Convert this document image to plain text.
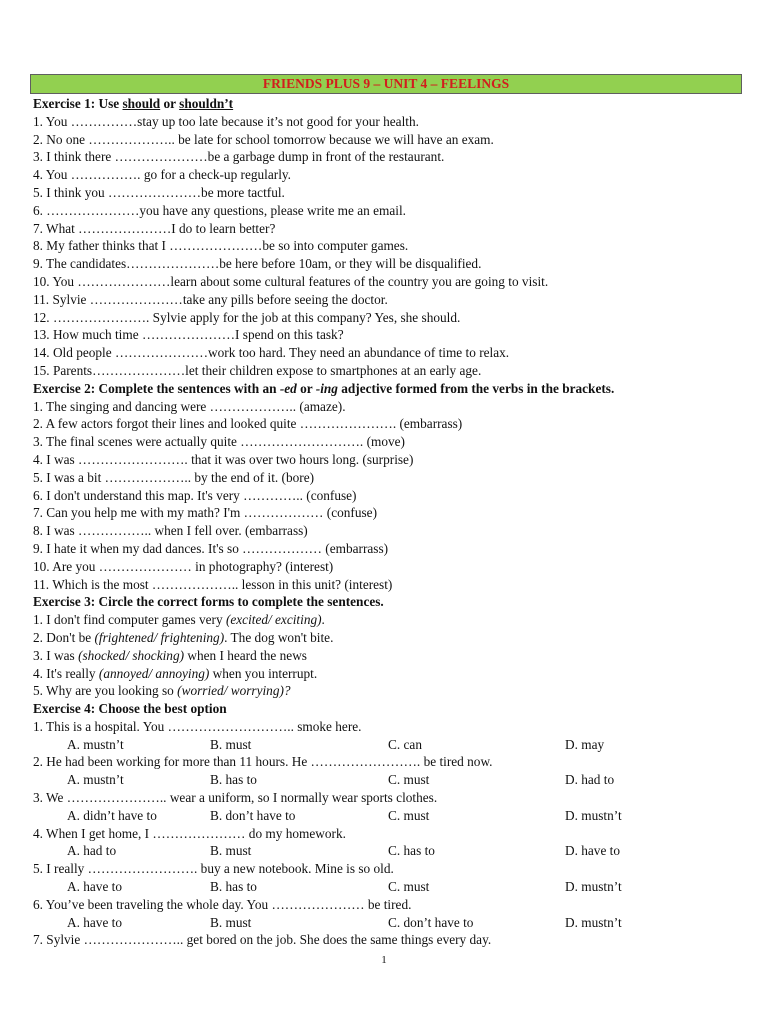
FRIENDS PLUS 9 – UNIT 4 – FEELINGS
Exercise 1: Use should or shouldn’t
1. You ……………stay up too late because it’s not good for your health.
2. No one ……………….. be late for school tomorrow because we will have an exam.
3. I think there …………………be a garbage dump in front of the restaurant.
4. You ……………. go for a check-up regularly.
5. I think you …………………be more tactful.
6. …………………you have any questions, please write me an email.
7. What …………………I do to learn better?
8. My father thinks that I …………………be so into computer games.
9. The candidates…………………be here before 10am, or they will be disqualified.
10. You …………………learn about some cultural features of the country you are going to visit.
11. Sylvie …………………take any pills before seeing the doctor.
12. …………………. Sylvie apply for the job at this company? Yes, she should.
13. How much time …………………I spend on this task?
14. Old people …………………work too hard. They need an abundance of time to relax.
15. Parents…………………let their children expose to smartphones at an early age.
Exercise 2: Complete the sentences with an -ed or -ing adjective formed from the verbs in the brackets.
1. The singing and dancing were ……………….. (amaze).
2. A few actors forgot their lines and looked quite …………………. (embarrass)
3. The final scenes were actually quite ………………………. (move)
4. I was ……………………. that it was over two hours long. (surprise)
5. I was a bit ……………….. by the end of it. (bore)
6. I don't understand this map. It's very ………….. (confuse)
7. Can you help me with my math? I'm ……………… (confuse)
8. I was …………….. when I fell over. (embarrass)
9. I hate it when my dad dances. It's so ……………… (embarrass)
10. Are you ………………… in photography? (interest)
11. Which is the most ……………….. lesson in this unit? (interest)
Exercise 3: Circle the correct forms to complete the sentences.
1. I don't find computer games very (excited/ exciting).
2. Don't be (frightened/ frightening). The dog won't bite.
3. I was (shocked/ shocking) when I heard the news
4. It's really (annoyed/ annoying) when you interrupt.
5. Why are you looking so (worried/ worrying)?
Exercise 4: Choose the best option
1. This is a hospital. You ……………………….. smoke here.
A. mustn’t	B. must	C. can	D. may
2. He had been working for more than 11 hours. He ……………………. be tired now.
A. mustn’t	B. has to	C. must	D. had to
3. We ………………….. wear a uniform, so I normally wear sports clothes.
A. didn’t have to	B. don’t have to	C. must	D. mustn’t
4. When I get home, I ………………… do my homework.
A. had to	B. must	C. has to	D. have to
5. I really ……………………. buy a new notebook. Mine is so old.
A. have to	B. has to	C. must	D. mustn’t
6. You’ve been traveling the whole day. You ………………… be tired.
A. have to	B. must	C. don’t have to	D. mustn’t
7. Sylvie ………………….. get bored on the job. She does the same things every day.
1
